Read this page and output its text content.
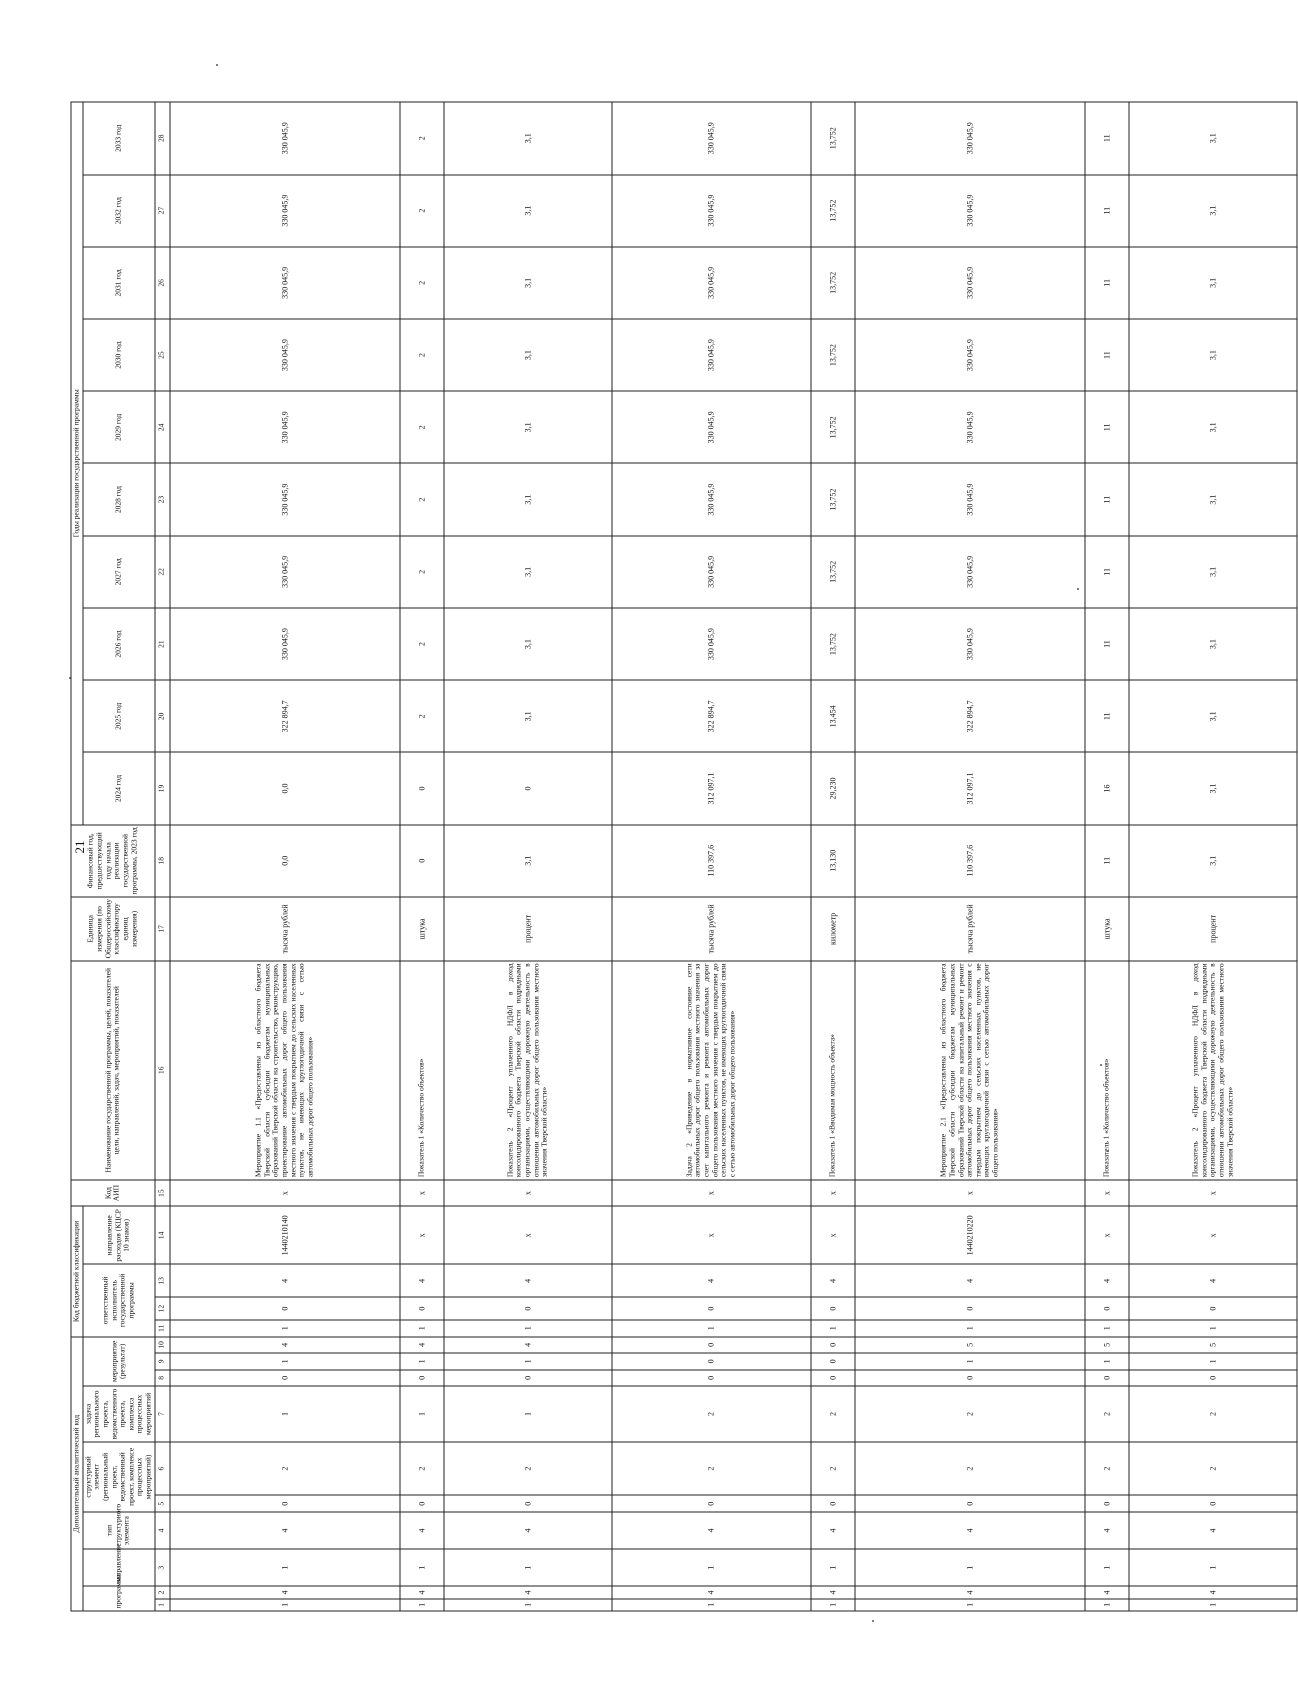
21
Дополнительный аналитический код										Код бюджетной классификации				Код АИП	Наименование государственной программы, целей, показателей цели, направлений, задач, мероприятий, показателей	Единица измерения (по Общероссийскому классификатору единиц измерения)	Финансовый год, предшествующий году начала реализации государственной программы, 2023 год	Годы реализации государственной программы									
программа		направление	тип структурного элемента	структурный элемент (региональный проект, ведомственный проект, комплексе процессных мероприятий)		задача регионального проекта, ведомственного проекта, комплекса процессных мероприятий	мероприятие (результат)			ответственный исполнитель государственной программы			направление расходов (КЦСР 10 знаков)					2024 год	2025 год	2026 год	2027 год	2028 год	2029 год	2030 год	2031 год	2032 год	2033 год

1	2	3	4	5	6	7	8	9	10	11	12	13	14	15	16	17	18	19	20	21	22	23	24	25	26	27	28
1	4	1	4	0	2	1	0	1	4	1	0	4	1440210140	x	Мероприятие 1.1 «Предоставлены из областного бюджета Тверской области субсидии бюджетам муниципальных образований Тверской области на строительство, реконструкцию, проектирование автомобильных дорог общего пользования местного значения с твердым покрытием до сельских населенных пунктов, не имеющих круглогодичной связи с сетью автомобильных дорог общего пользования»	тысяча рублей	0,0	0,0	322 894,7	330 045,9	330 045,9	330 045,9	330 045,9	330 045,9	330 045,9	330 045,9	330 045,9
1	4	1	4	0	2	1	0	1	4	1	0	4	x	x	Показатель 1 «Количество объектов»	штука	0	0	2	2	2	2	2	2	2	2	2
1	4	1	4	0	2	1	0	1	4	1	0	4	x	x	Показатель 2 «Процент уплаченного НДФЛ в доход консолидированного бюджета Тверской области подрядными организациями, осуществляющими дорожную деятельность в отношении автомобильных дорог общего пользования местного значения Тверской области»	процент	3,1	0	3,1	3,1	3,1	3,1	3,1	3,1	3,1	3,1	3,1
1	4	1	4	0	2	2	0	0	0	1	0	4	x	x	Задача 2 «Приведение в нормативное состояние сети автомобильных дорог общего пользования местного значения за счет капитального ремонта и ремонта автомобильных дорог общего пользования местного значения с твердым покрытием до сельских населенных пунктов, не имеющих круглогодичной связи с сетью автомобильных дорог общего пользования»	тысяча рублей	110 397,6	312 097,1	322 894,7	330 045,9	330 045,9	330 045,9	330 045,9	330 045,9	330 045,9	330 045,9	330 045,9
1	4	1	4	0	2	2	0	0	0	1	0	4	x	x	Показатель 1 «Вводимая мощность объекта»	километр	13,130	29,230	13,454	13,752	13,752	13,752	13,752	13,752	13,752	13,752	13,752
1	4	1	4	0	2	2	0	1	5	1	0	4	1440210220	x	Мероприятие 2.1 «Предоставлены из областного бюджета Тверской области субсидии бюджетам муниципальных образований Тверской области на капитальный ремонт и ремонт автомобильных дорог общего пользования местного значения с твердым покрытием до сельских населенных пунктов, не имеющих круглогодичной связи с сетью автомобильных дорог общего пользования»	тысяча рублей	110 397,6	312 097,1	322 894,7	330 045,9	330 045,9	330 045,9	330 045,9	330 045,9	330 045,9	330 045,9	330 045,9
1	4	1	4	0	2	2	0	1	5	1	0	4	x	x	Показатель 1 «Количество объектов»	штука	11	16	11	11	11	11	11	11	11	11	11
1	4	1	4	0	2	2	0	1	5	1	0	4	x	x	Показатель 2 «Процент уплаченного НДФЛ в доход консолидированного бюджета Тверской области подрядными организациями, осуществляющими дорожную деятельность в отношении автомобильных дорог общего пользования местного значения Тверской области»	процент	3,1	3,1	3,1	3,1	3,1	3,1	3,1	3,1	3,1	3,1	3,1
